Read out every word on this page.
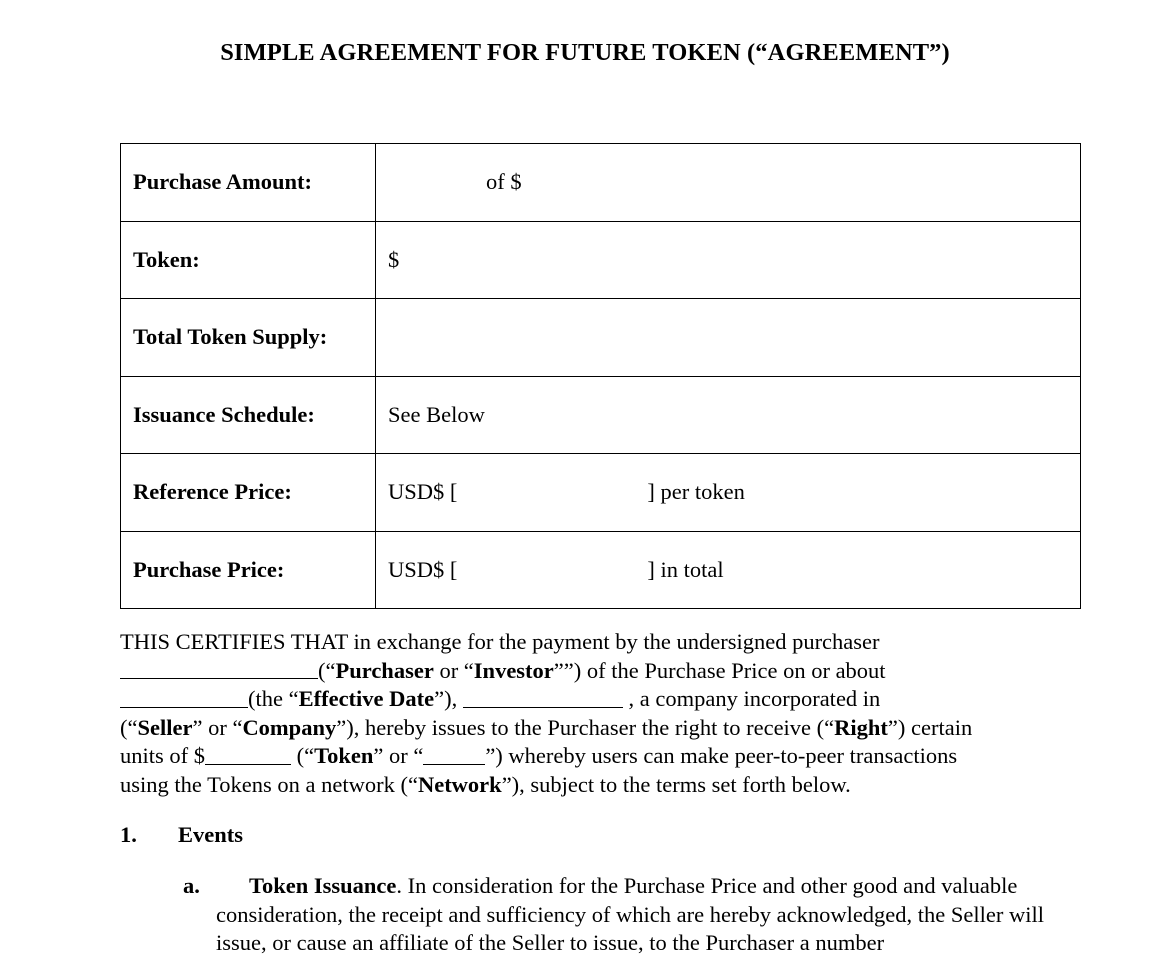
SIMPLE AGREEMENT FOR FUTURE TOKEN (“AGREEMENT”)
Purchase Amount:	of $
Token:	$
Total Token Supply:	
Issuance Schedule:	See Below
Reference Price:	USD$ [ ] per token
Purchase Price:	USD$ [ ] in total
THIS CERTIFIES THAT in exchange for the payment by the undersigned purchaser
(“Purchaser or “Investor””) of the Purchase Price on or about
(the “Effective Date”),	, a company incorporated in
(“Seller” or “Company”), hereby issues to the Purchaser the right to receive (“Right”) certain
units of $	(“Token” or “	”) whereby users can make peer-to-peer transactions
using the Tokens on a network (“Network”), subject to the terms set forth below.
1. Events
a.	Token Issuance. In consideration for the Purchase Price and other good and valuable consideration, the receipt and sufficiency of which are hereby acknowledged, the Seller will issue, or cause an affiliate of the Seller to issue, to the Purchaser a number
